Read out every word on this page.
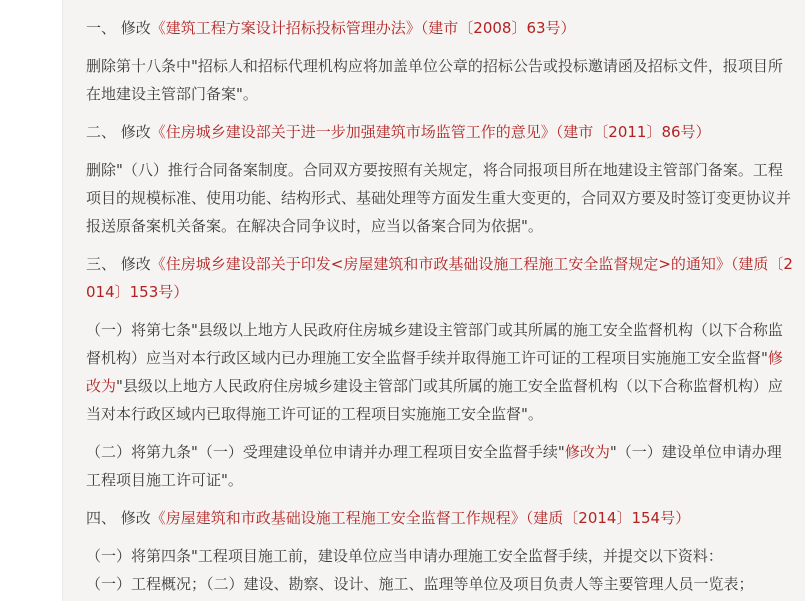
一、 修改《建筑工程方案设计招标投标管理办法》（建市〔2008〕63号）

删除第十八条中"招标人和招标代理机构应将加盖单位公章的招标公告或投标邀请函及招标文件，报项目所在地建设主管部门备案"。

二、 修改《住房城乡建设部关于进一步加强建筑市场监管工作的意见》（建市〔2011〕86号）

删除"（八）推行合同备案制度。合同双方要按照有关规定，将合同报项目所在地建设主管部门备案。工程项目的规模标准、使用功能、结构形式、基础处理等方面发生重大变更的，合同双方要及时签订变更协议并报送原备案机关备案。在解决合同争议时，应当以备案合同为依据"。

三、 修改《住房城乡建设部关于印发<房屋建筑和市政基础设施工程施工安全监督规定>的通知》（建质〔2014〕153号）

（一）将第七条"县级以上地方人民政府住房城乡建设主管部门或其所属的施工安全监督机构（以下合称监督机构）应当对本行政区域内已办理施工安全监督手续并取得施工许可证的工程项目实施施工安全监督"修改为"县级以上地方人民政府住房城乡建设主管部门或其所属的施工安全监督机构（以下合称监督机构）应当对本行政区域内已取得施工许可证的工程项目实施施工安全监督"。

（二）将第九条"（一）受理建设单位申请并办理工程项目安全监督手续"修改为"（一）建设单位申请办理工程项目施工许可证"。

四、 修改《房屋建筑和市政基础设施工程施工安全监督工作规程》（建质〔2014〕154号）

（一）将第四条"工程项目施工前，建设单位应当申请办理施工安全监督手续，并提交以下资料：
（一）工程概况；（二）建设、勘察、设计、施工、监理等单位及项目负责人等主要管理人员一览表；
